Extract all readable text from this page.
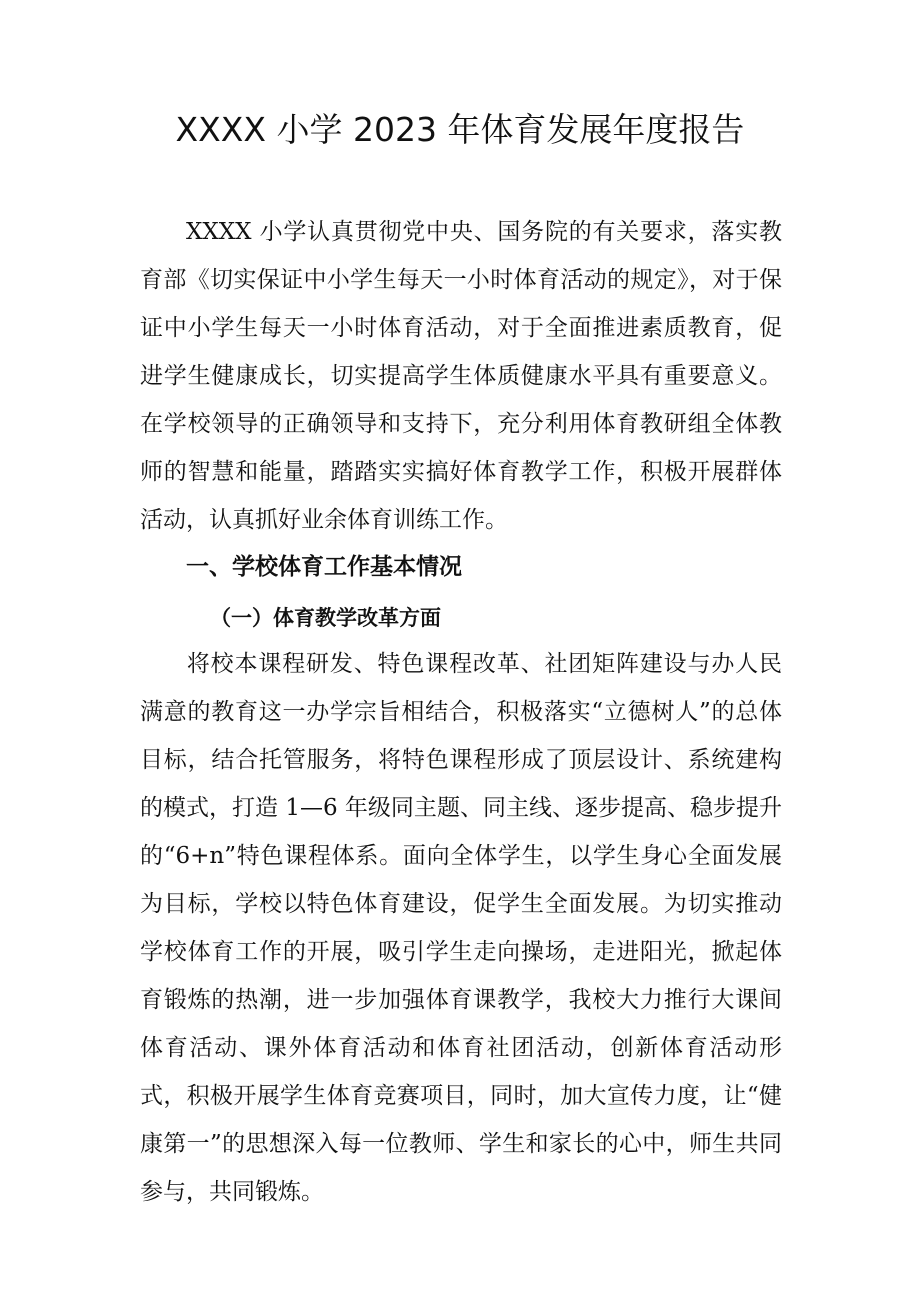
XXXX 小学 2023 年体育发展年度报告

XXXX 小学认真贯彻党中央、国务院的有关要求，落实教育部《切实保证中小学生每天一小时体育活动的规定》，对于保证中小学生每天一小时体育活动，对于全面推进素质教育，促进学生健康成长，切实提高学生体质健康水平具有重要意义。在学校领导的正确领导和支持下，充分利用体育教研组全体教师的智慧和能量，踏踏实实搞好体育教学工作，积极开展群体活动，认真抓好业余体育训练工作。

一、学校体育工作基本情况
（一）体育教学改革方面

将校本课程研发、特色课程改革、社团矩阵建设与办人民满意的教育这一办学宗旨相结合，积极落实“立德树人”的总体目标，结合托管服务，将特色课程形成了顶层设计、系统建构的模式，打造 1—6 年级同主题、同主线、逐步提高、稳步提升的“6+n”特色课程体系。面向全体学生，以学生身心全面发展为目标，学校以特色体育建设，促学生全面发展。为切实推动学校体育工作的开展，吸引学生走向操场，走进阳光，掀起体育锻炼的热潮，进一步加强体育课教学，我校大力推行大课间体育活动、课外体育活动和体育社团活动，创新体育活动形式，积极开展学生体育竞赛项目，同时，加大宣传力度，让“健康第一”的思想深入每一位教师、学生和家长的心中，师生共同参与，共同锻炼。
